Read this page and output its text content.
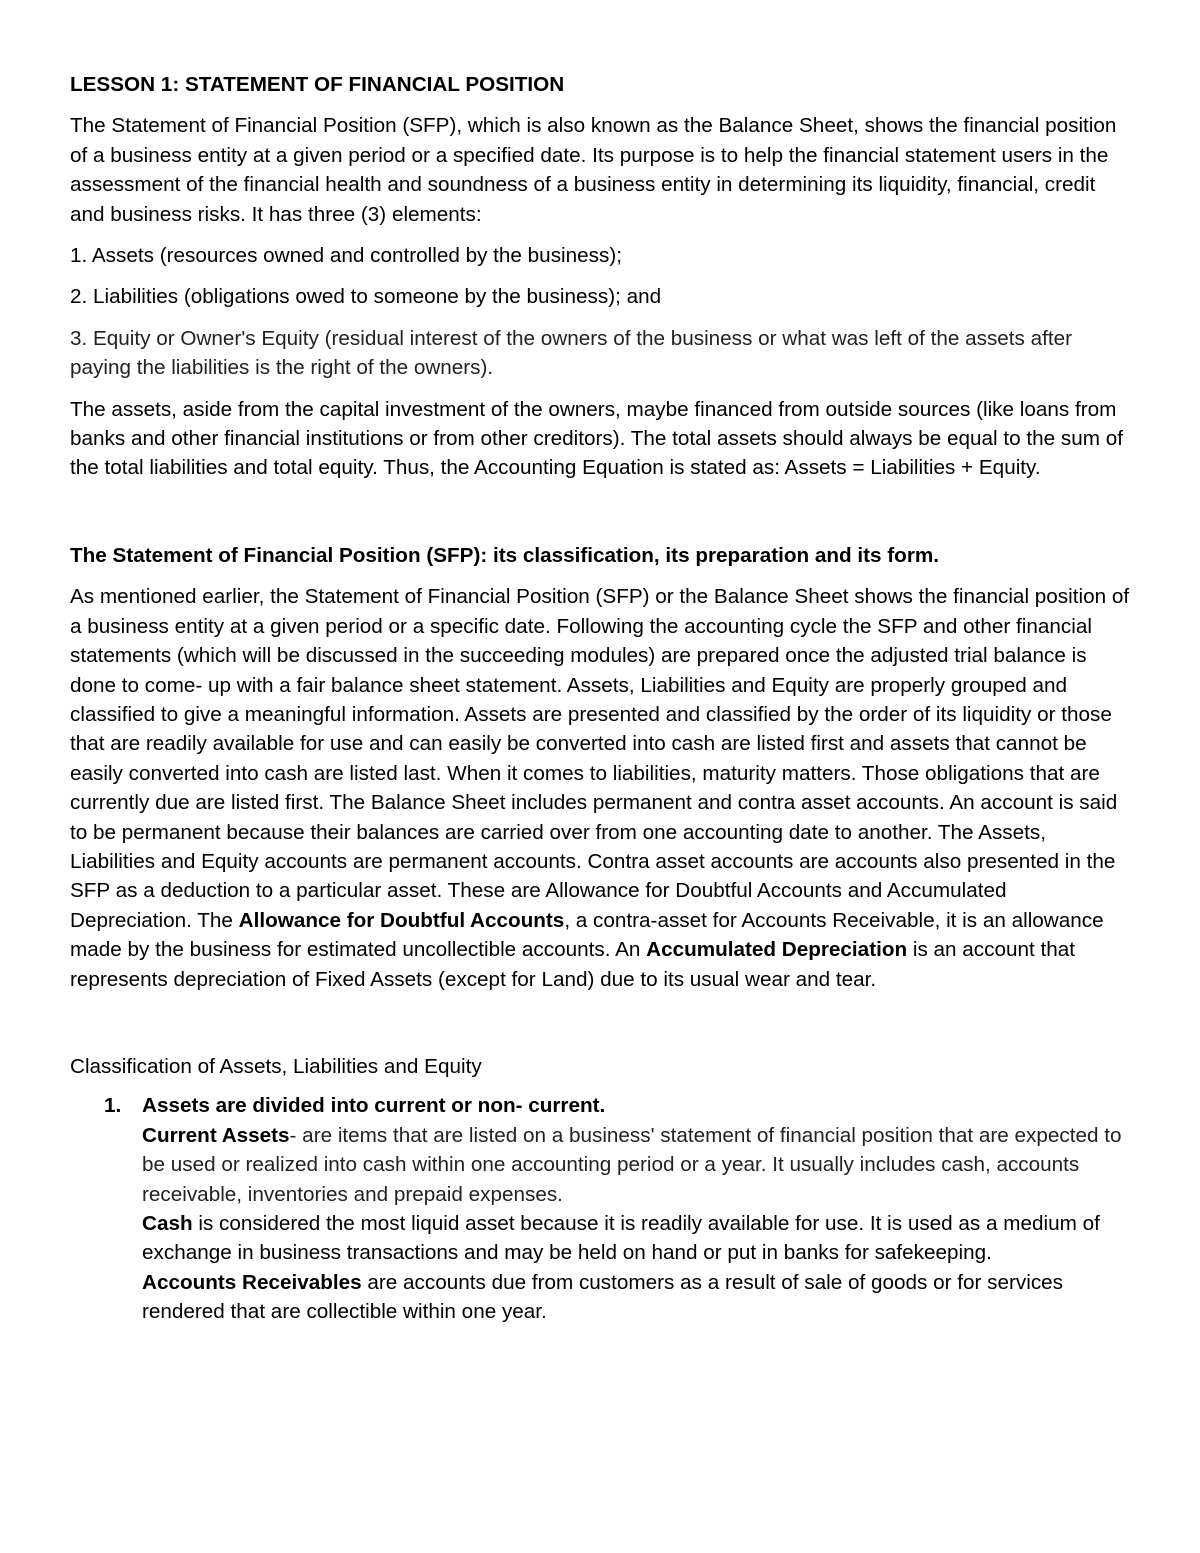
LESSON 1: STATEMENT OF FINANCIAL POSITION

The Statement of Financial Position (SFP), which is also known as the Balance Sheet, shows the financial position of a business entity at a given period or a specified date. Its purpose is to help the financial statement users in the assessment of the financial health and soundness of a business entity in determining its liquidity, financial, credit and business risks. It has three (3) elements:

1. Assets (resources owned and controlled by the business);

2. Liabilities (obligations owed to someone by the business); and

3. Equity or Owner's Equity (residual interest of the owners of the business or what was left of the assets after paying the liabilities is the right of the owners).

The assets, aside from the capital investment of the owners, maybe financed from outside sources (like loans from banks and other financial institutions or from other creditors). The total assets should always be equal to the sum of the total liabilities and total equity. Thus, the Accounting Equation is stated as: Assets = Liabilities + Equity.

The Statement of Financial Position (SFP): its classification, its preparation and its form.

As mentioned earlier, the Statement of Financial Position (SFP) or the Balance Sheet shows the financial position of a business entity at a given period or a specific date. Following the accounting cycle the SFP and other financial statements (which will be discussed in the succeeding modules) are prepared once the adjusted trial balance is done to come- up with a fair balance sheet statement. Assets, Liabilities and Equity are properly grouped and classified to give a meaningful information. Assets are presented and classified by the order of its liquidity or those that are readily available for use and can easily be converted into cash are listed first and assets that cannot be easily converted into cash are listed last. When it comes to liabilities, maturity matters. Those obligations that are currently due are listed first. The Balance Sheet includes permanent and contra asset accounts. An account is said to be permanent because their balances are carried over from one accounting date to another. The Assets, Liabilities and Equity accounts are permanent accounts. Contra asset accounts are accounts also presented in the SFP as a deduction to a particular asset. These are Allowance for Doubtful Accounts and Accumulated Depreciation. The Allowance for Doubtful Accounts, a contra-asset for Accounts Receivable, it is an allowance made by the business for estimated uncollectible accounts. An Accumulated Depreciation is an account that represents depreciation of Fixed Assets (except for Land) due to its usual wear and tear.

Classification of Assets, Liabilities and Equity
1. Assets are divided into current or non- current.
Current Assets- are items that are listed on a business' statement of financial position that are expected to be used or realized into cash within one accounting period or a year. It usually includes cash, accounts receivable, inventories and prepaid expenses.
Cash is considered the most liquid asset because it is readily available for use. It is used as a medium of exchange in business transactions and may be held on hand or put in banks for safekeeping.
Accounts Receivables are accounts due from customers as a result of sale of goods or for services rendered that are collectible within one year.
